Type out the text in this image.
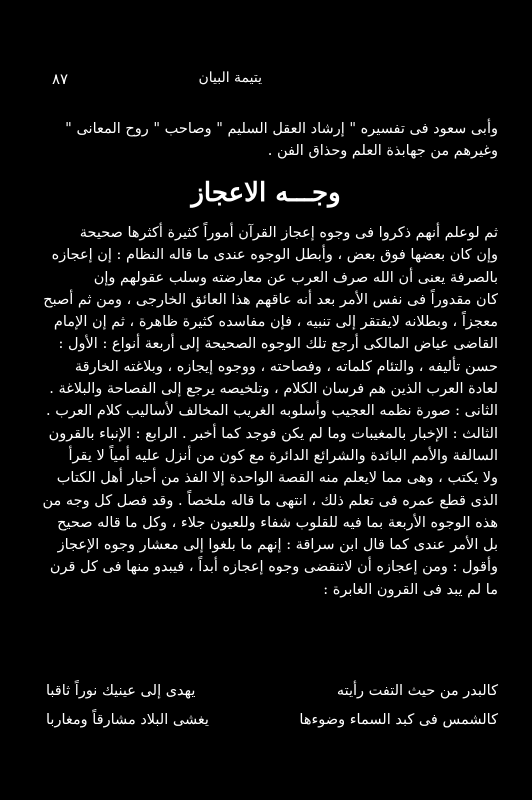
يتيمة البيان
٨٧
وأبى سعود فى تفسيره " إرشاد العقل السليم " وصاحب " روح المعانى "
وغيرهم من جهابذة العلم وحذاق الفن .
وجـــه الاعجاز
ثم لوعلم أنهم ذكروا فى وجوه إعجاز القرآن أموراً كثيرة أكثرها صحيحة
وإن كان بعضها فوق بعض ، وأبطل الوجوه عندى ما قاله النظام : إن إعجازه
بالصرفة يعنى أن الله صرف العرب عن معارضته وسلب عقولهم وإن
كان مقدوراً فى نفس الأمر بعد أنه عاقهم هذا العائق الخارجى ، ومن ثم أصبح
معجزاً ، وبطلانه لايفتقر إلى تنبيه ، فإن مفاسده كثيرة ظاهرة ، ثم إن الإمام
القاضى عياض المالكى أرجع تلك الوجوه الصحيحة إلى أربعة أنواع : الأول :
حسن تأليفه ، والتئام كلماته ، وفصاحته ، ووجوه إيجازه ، وبلاغته الخارقة
لعادة العرب الذين هم فرسان الكلام ، وتلخيصه يرجع إلى الفصاحة والبلاغة .
الثانى : صورة نظمه العجيب وأسلوبه الغريب المخالف لأساليب كلام العرب .
الثالث : الإخبار بالمغيبات وما لم يكن فوجد كما أخبر . الرابع : الإنباء بالقرون
السالفة والأمم البائدة والشرائع الدائرة مع كون من أنزل عليه أمياً لا يقرأ
ولا يكتب ، وهى مما لايعلم منه القصة الواحدة إلا الفذ من أحبار أهل الكتاب
الذى قطع عمره فى تعلم ذلك ، انتهى ما قاله ملخصاً . وقد فصل كل وجه من
هذه الوجوه الأربعة بما فيه للقلوب شفاء وللعيون جلاء ، وكل ما قاله صحيح
بل الأمر عندى كما قال ابن سراقة : إنهم ما بلغوا إلى معشار وجوه الإعجاز
وأقول : ومن إعجازه أن لاتنقضى وجوه إعجازه أبداً ، فيبدو منها فى كل قرن
ما لم يبد فى القرون الغابرة :
كالبدر من حيث التفت رأيته
يهدى إلى عينيك نوراً ثاقبا
كالشمس فى كبد السماء وضوءها
يغشى البلاد مشارقاً ومغاربا
